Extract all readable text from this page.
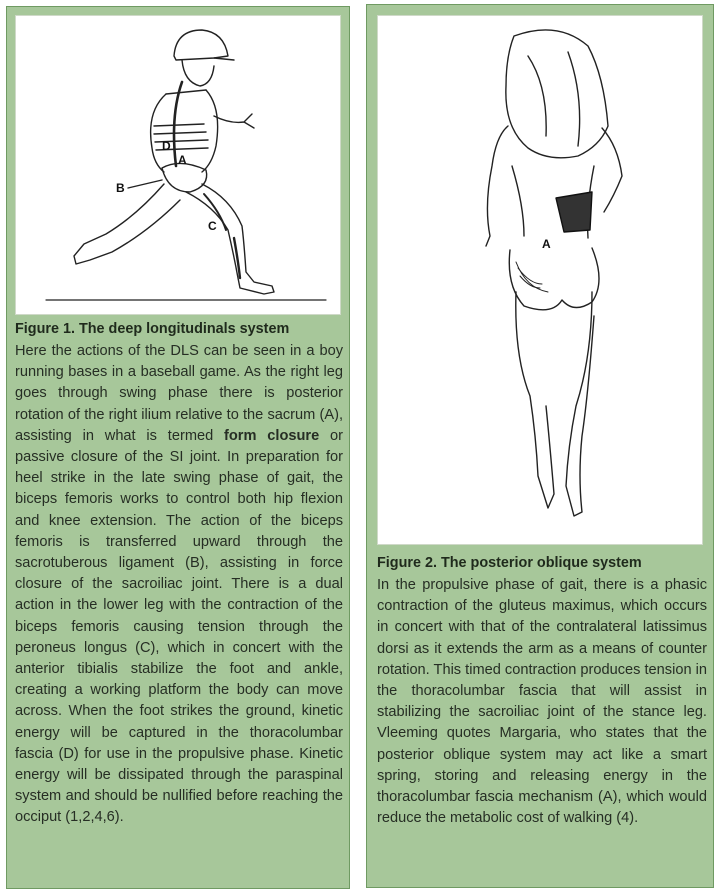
D
A
B
C

Figure 1. The deep longitudinals system

Here the actions of the DLS can be seen in a boy running bases in a baseball game. As the right leg goes through swing phase there is posterior rotation of the right ilium relative to the sacrum (A), assisting in what is termed form closure or passive closure of the SI joint. In preparation for heel strike in the late swing phase of gait, the biceps femoris works to control both hip flexion and knee extension. The action of the biceps femoris is transferred upward through the sacrotuberous ligament (B), assisting in force closure of the sacroiliac joint. There is a dual action in the lower leg with the contraction of the biceps femoris causing tension through the peroneus longus (C), which in concert with the anterior tibialis stabilize the foot and ankle, creating a working platform the body can move across. When the foot strikes the ground, kinetic energy will be captured in the thoracolumbar fascia (D) for use in the propulsive phase. Kinetic energy will be dissipated through the paraspinal system and should be nullified before reaching the occiput (1,2,4,6).

A

Figure 2. The posterior oblique system

In the propulsive phase of gait, there is a phasic contraction of the gluteus maximus, which occurs in concert with that of the contralateral latissimus dorsi as it extends the arm as a means of counter rotation. This timed contraction produces tension in the thoracolumbar fascia that will assist in stabilizing the sacroiliac joint of the stance leg. Vleeming quotes Margaria, who states that the posterior oblique system may act like a smart spring, storing and releasing energy in the thoracolumbar fascia mechanism (A), which would reduce the metabolic cost of walking (4).
